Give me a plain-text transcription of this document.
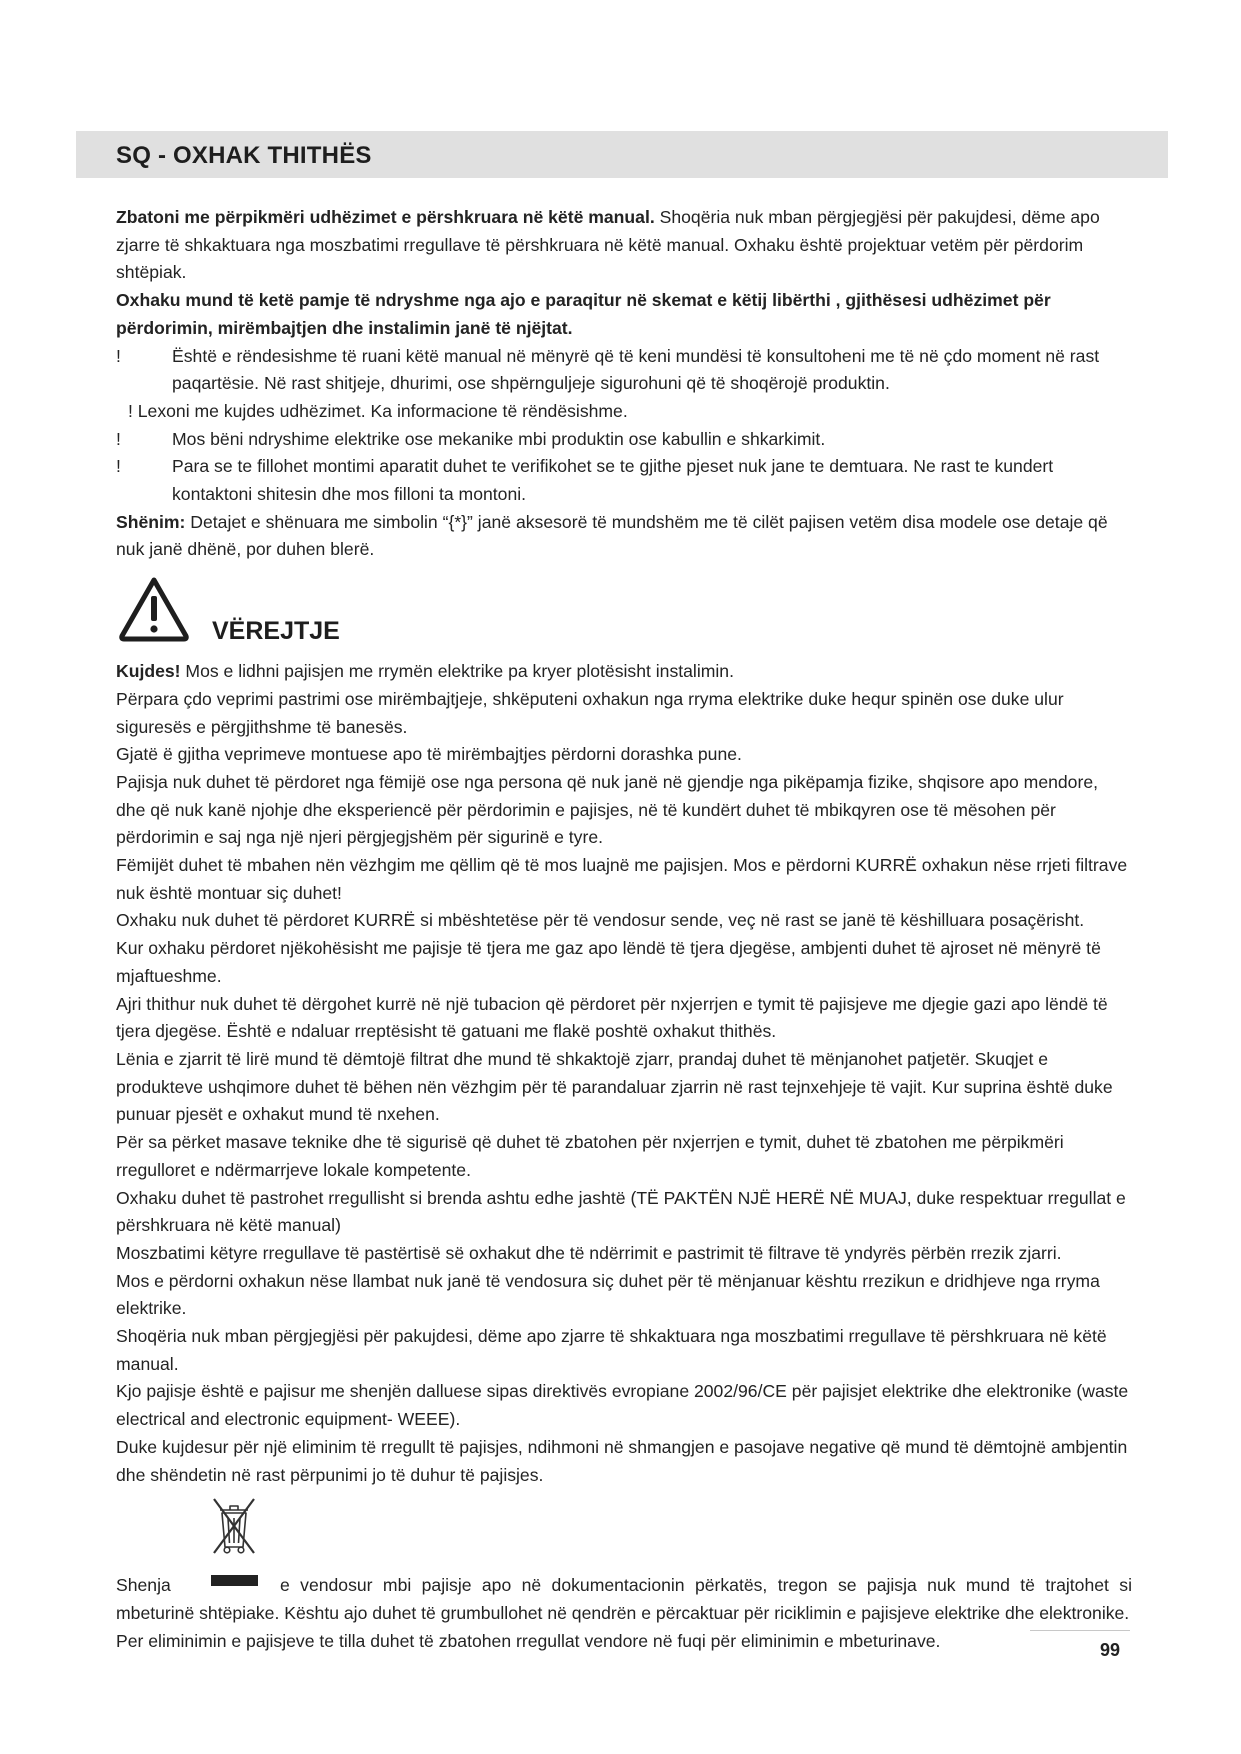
SQ - OXHAK THITHËS

Zbatoni me përpikmëri udhëzimet e përshkruara në këtë manual. Shoqëria nuk mban përgjegjësi për pakujdesi, dëme apo zjarre të shkaktuara nga moszbatimi rregullave të përshkruara në këtë manual. Oxhaku është projektuar vetëm për përdorim shtëpiak.

Oxhaku mund të ketë pamje të ndryshme nga ajo e paraqitur në skemat e këtij libërthi , gjithësesi udhëzimet për përdorimin, mirëmbajtjen dhe instalimin janë të njëjtat.

!	Është e rëndesishme të ruani këtë manual në mënyrë që të keni mundësi të konsultoheni me të në çdo moment në rast paqartësie. Në rast shitjeje, dhurimi, ose shpërnguljeje sigurohuni që të shoqërojë produktin.

! Lexoni me kujdes udhëzimet. Ka informacione të rëndësishme.

!	Mos bëni ndryshime elektrike ose mekanike mbi produktin ose kabullin e shkarkimit.
!	Para se te fillohet montimi aparatit duhet te verifikohet se te gjithe pjeset nuk jane te demtuara. Ne rast te kundert kontaktoni shitesin dhe mos filloni ta montoni.

Shënim: Detajet e shënuara me simbolin “{*}” janë aksesorë të mundshëm me të cilët pajisen vetëm disa modele ose detaje që nuk janë dhënë, por duhen blerë.

VËREJTJE

Kujdes! Mos e lidhni pajisjen me rrymën elektrike pa kryer plotësisht instalimin.

Përpara çdo veprimi pastrimi ose mirëmbajtjeje, shkëputeni oxhakun nga rryma elektrike duke hequr spinën ose duke ulur siguresës e përgjithshme të banesës.

Gjatë ë gjitha veprimeve montuese apo të mirëmbajtjes përdorni dorashka pune.

Pajisja nuk duhet të përdoret nga fëmijë ose nga persona që nuk janë në gjendje nga pikëpamja fizike, shqisore apo mendore, dhe që nuk kanë njohje dhe eksperiencë për përdorimin e pajisjes, në të kundërt duhet të mbikqyren ose të mësohen për përdorimin e saj nga një njeri përgjegjshëm për sigurinë e tyre.

Fëmijët duhet të mbahen nën vëzhgim me qëllim që të mos luajnë me pajisjen. Mos e përdorni KURRË oxhakun nëse rrjeti filtrave nuk është montuar siç duhet!

Oxhaku nuk duhet të përdoret KURRË si mbështetëse për të vendosur sende, veç në rast se janë të këshilluara posaçërisht.

Kur oxhaku përdoret njëkohësisht me pajisje të tjera me gaz apo lëndë të tjera djegëse, ambjenti duhet të ajroset në mënyrë të mjaftueshme.

Ajri thithur nuk duhet të dërgohet kurrë në një tubacion që përdoret për nxjerrjen e tymit të pajisjeve me djegie gazi apo lëndë të tjera djegëse. Është e ndaluar rreptësisht të gatuani me flakë poshtë oxhakut thithës.

Lënia e zjarrit të lirë mund të dëmtojë filtrat dhe mund të shkaktojë zjarr, prandaj duhet të mënjanohet patjetër. Skuqjet e produkteve ushqimore duhet të bëhen nën vëzhgim për të parandaluar zjarrin në rast tejnxehjeje të vajit. Kur suprina është duke punuar pjesët e oxhakut mund të nxehen.

Për sa përket masave teknike dhe të sigurisë që duhet të zbatohen për nxjerrjen e tymit, duhet të zbatohen me përpikmëri rregulloret e ndërmarrjeve lokale kompetente.

Oxhaku duhet të pastrohet rregullisht si brenda ashtu edhe jashtë (TË PAKTËN NJË HERË NË MUAJ, duke respektuar rregullat e përshkruara në këtë manual)

Moszbatimi këtyre rregullave të pastërtisë së oxhakut dhe të ndërrimit e pastrimit të filtrave të yndyrës përbën rrezik zjarri.

Mos e përdorni oxhakun nëse llambat nuk janë të vendosura siç duhet për të mënjanuar kështu rrezikun e dridhjeve nga rryma elektrike.

Shoqëria nuk mban përgjegjësi për pakujdesi, dëme apo zjarre të shkaktuara nga moszbatimi rregullave të përshkruara në këtë manual.

Kjo pajisje është e pajisur me shenjën dalluese sipas direktivës evropiane 2002/96/CE për pajisjet elektrike dhe elektronike (waste electrical and electronic equipment- WEEE).

Duke kujdesur për një eliminim të rregullt të pajisjes, ndihmoni në shmangjen e pasojave negative që mund të dëmtojnë ambjentin dhe shëndetin në rast përpunimi jo të duhur të pajisjes.

Shenja	e vendosur mbi pajisje apo në dokumentacionin përkatës, tregon se pajisja nuk mund të trajtohet si

mbeturinë shtëpiake. Kështu ajo duhet të grumbullohet në qendrën e përcaktuar për riciklimin e pajisjeve elektrike dhe elektronike. Per eliminimin e pajisjeve te tilla duhet të zbatohen rregullat vendore në fuqi për eliminimin e mbeturinave.	99
